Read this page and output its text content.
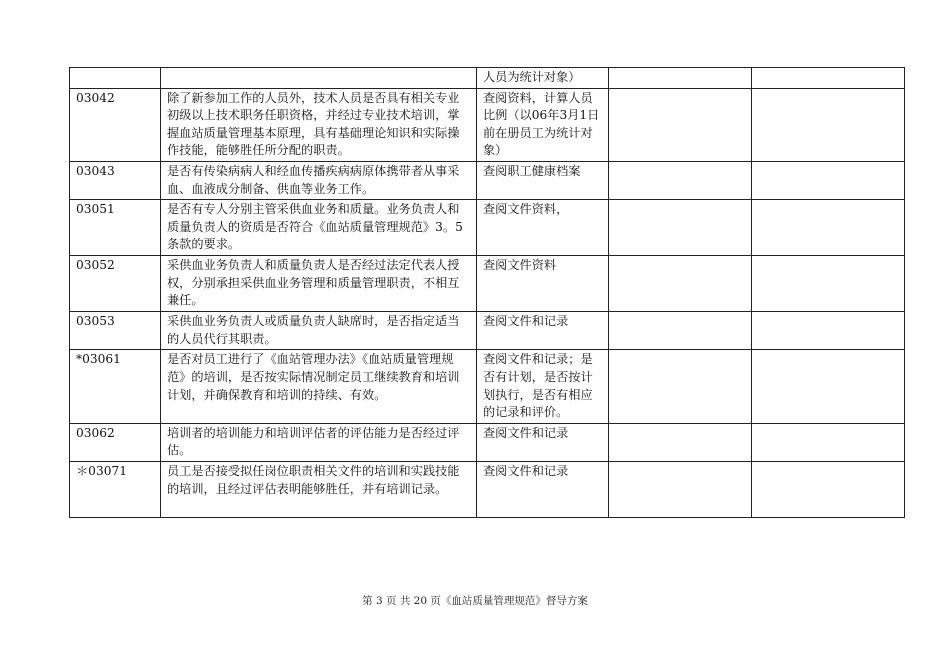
		人员为统计对象）		
03042	除了新参加工作的人员外，技术人员是否具有相关专业初级以上技术职务任职资格，并经过专业技术培训，掌握血站质量管理基本原理，具有基础理论知识和实际操作技能，能够胜任所分配的职责。	查阅资料，计算人员比例（以06年3月1日前在册员工为统计对象）		
03043	是否有传染病病人和经血传播疾病病原体携带者从事采血、血液成分制备、供血等业务工作。	查阅职工健康档案		
03051	是否有专人分别主管采供血业务和质量。业务负责人和质量负责人的资质是否符合《血站质量管理规范》3。5条款的要求。	查阅文件资料，		
03052	采供血业务负责人和质量负责人是否经过法定代表人授权，分别承担采供血业务管理和质量管理职责，不相互兼任。	查阅文件资料		
03053	采供血业务负责人或质量负责人缺席时，是否指定适当的人员代行其职责。	查阅文件和记录		
*03061	是否对员工进行了《血站管理办法》《血站质量管理规范》的培训，是否按实际情况制定员工继续教育和培训计划，并确保教育和培训的持续、有效。	查阅文件和记录；是否有计划，是否按计划执行，是否有相应的记录和评价。		
03062	培训者的培训能力和培训评估者的评估能力是否经过评估。	查阅文件和记录		
＊03071	员工是否接受拟任岗位职责相关文件的培训和实践技能的培训，且经过评估表明能够胜任，并有培训记录。	查阅文件和记录		
第 3 页 共 20 页《血站质量管理规范》督导方案
